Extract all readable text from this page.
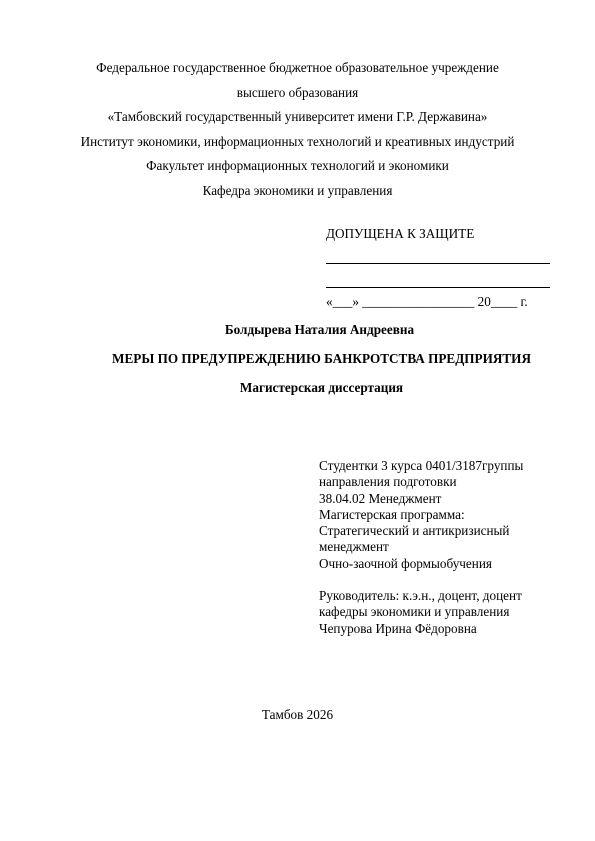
Федеральное государственное бюджетное образовательное учреждение
высшего образования
«Тамбовский государственный университет имени Г.Р. Державина»
Институт экономики, информационных технологий и креативных индустрий
Факультет информационных технологий и экономики
Кафедра экономики и управления
ДОПУЩЕНА К ЗАЩИТЕ
«___» _________________ 20____ г.
Болдырева Наталия Андреевна
МЕРЫ ПО ПРЕДУПРЕЖДЕНИЮ БАНКРОТСТВА ПРЕДПРИЯТИЯ
Магистерская диссертация
Студентки 3 курса 0401/3187группы
направления подготовки
38.04.02 Менеджмент
Магистерская программа:
Стратегический и антикризисный
менеджмент
Очно-заочной формыобучения
Руководитель: к.э.н., доцент, доцент
кафедры экономики и управления
Чепурова Ирина Фёдоровна
Тамбов 2026
